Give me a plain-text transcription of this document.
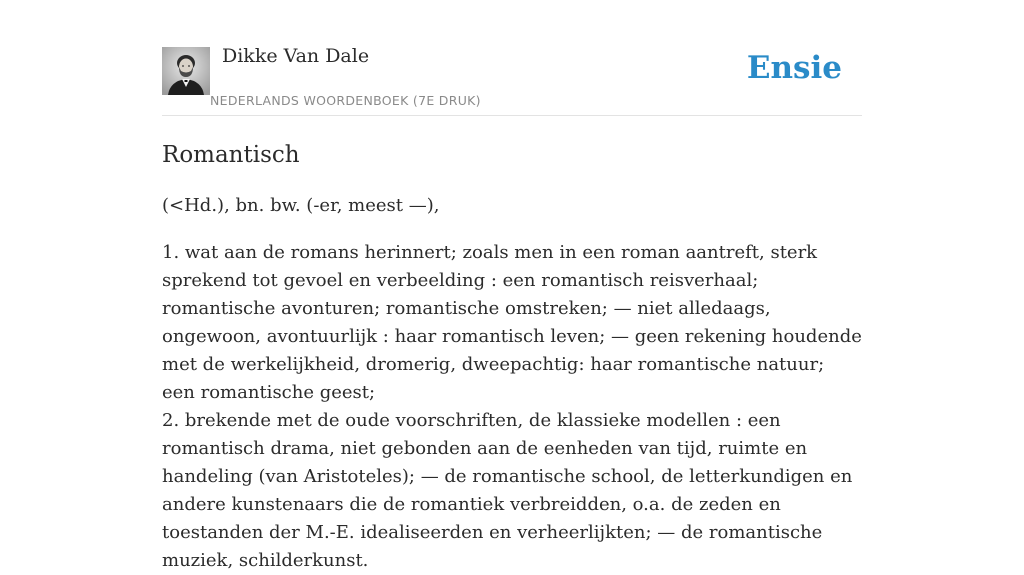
Dikke Van Dale
NEDERLANDS WOORDENBOEK (7E DRUK)
Ensie
Romantisch

(<Hd.), bn. bw. (-er, meest —),

1. wat aan de romans herinnert; zoals men in een roman aantreft, sterk sprekend tot gevoel en verbeelding : een romantisch reisverhaal; romantische avonturen; romantische omstreken; — niet alledaags, ongewoon, avontuurlijk : haar romantisch leven; — geen rekening houdende met de werkelijkheid, dromerig, dweepachtig: haar romantische natuur; een romantische geest;
2. brekende met de oude voorschriften, de klassieke modellen : een romantisch drama, niet gebonden aan de eenheden van tijd, ruimte en handeling (van Aristoteles); — de romantische school, de letterkundigen en andere kunstenaars die de romantiek verbreidden, o.a. de zeden en toestanden der M.-E. idealiseerden en verheerlijkten; — de romantische muziek, schilderkunst.
